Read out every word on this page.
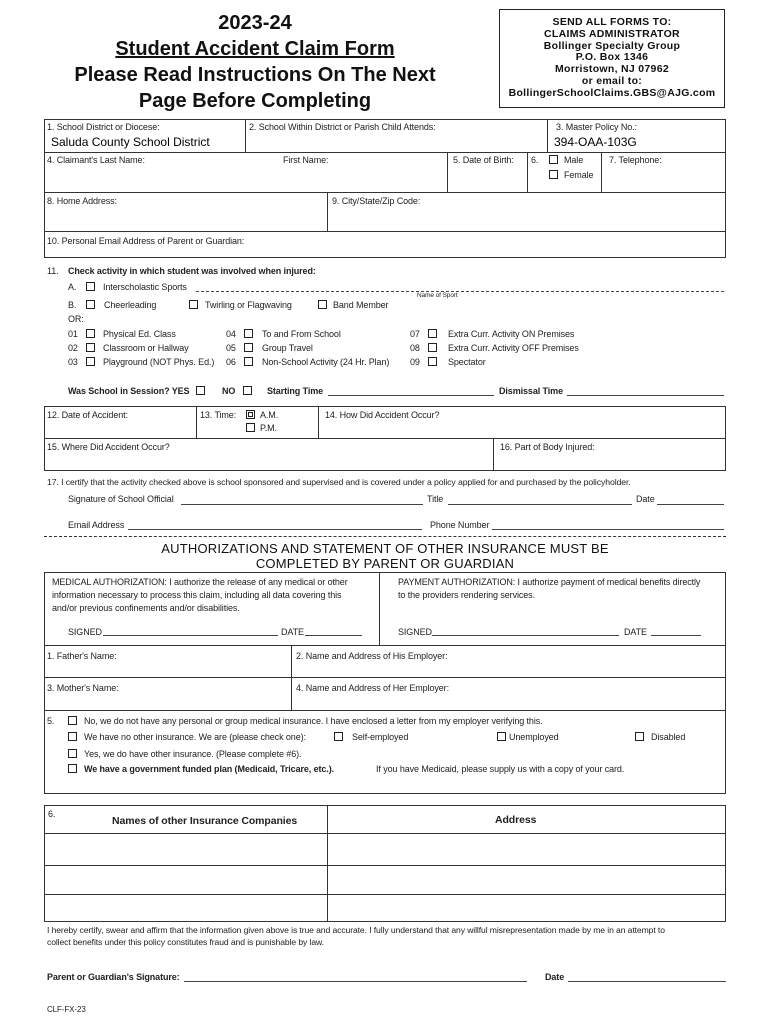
2023-24
Student Accident Claim Form
Please Read Instructions On The Next
Page Before Completing
SEND ALL FORMS TO:
CLAIMS ADMINISTRATOR
Bollinger Specialty Group
P.O. Box 1346
Morristown, NJ 07962
or email to:
BollingerSchoolClaims.GBS@AJG.com
1. School District or Diocese:
Saluda County School District
2. School Within District or Parish Child Attends:	3. Master Policy No.:
394-OAA-103G
4. Claimant's Last Name:	First Name:	5. Date of Birth: 6.	Male
Female
7. Telephone:
8. Home Address:	9. City/State/Zip Code:
10. Personal Email Address of Parent or Guardian:
11. Check activity in which student was involved when injured:
A.	Interscholastic Sports
Name of Sport
B.	Cheerleading	Twirling or Flagwaving	Band Member
OR:
01	Physical Ed. Class
02	Classroom or Hallway
03	Playground (NOT Phys. Ed.)
04	To and From School
05	Group Travel
06	Non-School Activity (24 Hr. Plan)
07	Extra Curr. Activity ON Premises
08	Extra Curr. Activity OFF Premises
09	Spectator
Was School in Session? YES	NO	Starting Time	Dismissal Time
12. Date of Accident:	13. Time:	A.M.
P.M.
14. How Did Accident Occur?
15. Where Did Accident Occur?	16. Part of Body Injured:
17. I certify that the activity checked above is school sponsored and supervised and is covered under a policy applied for and purchased by the policyholder.
Signature of School Official	Title	Date
Email Address	Phone Number
AUTHORIZATIONS AND STATEMENT OF OTHER INSURANCE MUST BE
COMPLETED BY PARENT OR GUARDIAN
MEDICAL AUTHORIZATION: I authorize the release of any medical or other
information necessary to process this claim, including all data covering this
and/or previous confinements and/or disabilities.
PAYMENT AUTHORIZATION: I authorize payment of medical benefits directly
to the providers rendering services.
SIGNED	DATE	SIGNED	DATE
1. Father's Name:	2. Name and Address of His Employer:
3. Mother's Name:	4. Name and Address of Her Employer:
5.	No, we do not have any personal or group medical insurance. I have enclosed a letter from my employer verifying this.
We have no other insurance. We are (please check one):	Self-employed	Unemployed	Disabled
Yes, we do have other insurance. (Please complete #6).
We have a government funded plan (Medicaid, Tricare, etc.).	If you have Medicaid, please supply us with a copy of your card.
6.
Names of other Insurance Companies	Address
I hereby certify, swear and affirm that the information given above is true and accurate. I fully understand that any willful misrepresentation made by me in an attempt to
collect benefits under this policy constitutes fraud and is punishable by law.
Parent or Guardian's Signature:	Date
CLF-FX-23
